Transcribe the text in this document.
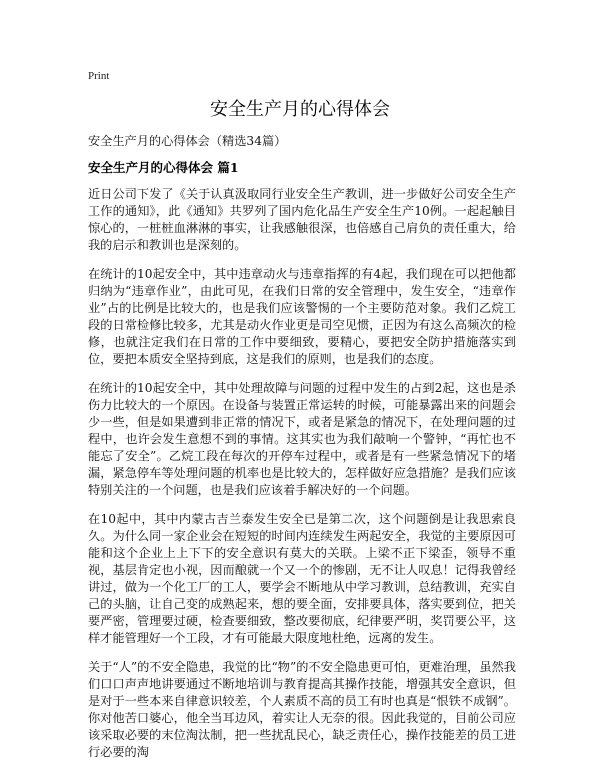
Print
安全生产月的心得体会
安全生产月的心得体会（精选34篇）
安全生产月的心得体会 篇1

近日公司下发了《关于认真汲取同行业安全生产教训，进一步做好公司安全生产工作的通知》，此《通知》共罗列了国内危化品生产安全生产10例。一起起触目惊心的，一桩桩血淋淋的事实，让我感触很深，也倍感自己肩负的责任重大，给我的启示和教训也是深刻的。

在统计的10起安全中，其中违章动火与违章指挥的有4起，我们现在可以把他都归纳为“违章作业”，由此可见，在我们日常的安全管理中，发生安全，“违章作业”占的比例是比较大的，也是我们应该警惕的一个主要防范对象。我们乙烷工段的日常检修比较多，尤其是动火作业更是司空见惯，正因为有这么高频次的检修，也就注定我们在日常的工作中要细致，要精心，要把安全防护措施落实到位，要把本质安全坚持到底，这是我们的原则，也是我们的态度。

在统计的10起安全中，其中处理故障与问题的过程中发生的占到2起，这也是杀伤力比较大的一个原因。在设备与装置正常运转的时候，可能暴露出来的问题会少一些，但是如果遭到非正常的情况下，或者是紧急的情况下，在处理问题的过程中，也许会发生意想不到的事情。这其实也为我们敲响一个警钟，“再忙也不能忘了安全”。乙烷工段在每次的开停车过程中，或者是有一些紧急情况下的堵漏，紧急停车等处理问题的机率也是比较大的，怎样做好应急措施？是我们应该特别关注的一个问题，也是我们应该着手解决好的一个问题。

在10起中，其中内蒙古吉兰泰发生安全已是第二次，这个问题倒是让我思索良久。为什么同一家企业会在短短的时间内连续发生两起安全，我觉的主要原因可能和这个企业上上下下的安全意识有莫大的关联。上梁不正下梁歪，领导不重视，基层肯定也小视，因而酿就一个又一个的惨剧，无不让人叹息！记得我曾经讲过，做为一个化工厂的工人，要学会不断地从中学习教训，总结教训，充实自己的头脑，让自己变的成熟起来，想的要全面，安排要具体，落实要到位，把关要严密，管理要过硬，检查要细致，整改要彻底，纪律要严明，奖罚要公平，这样才能管理好一个工段，才有可能最大限度地杜绝，远离的发生。

关于“人”的不安全隐患，我觉的比“物”的不安全隐患更可怕，更难治理，虽然我们口口声声地讲要通过不断地培训与教育提高其操作技能，增强其安全意识，但是对于一些本来自律意识较差，个人素质不高的员工有时也真是“恨铁不成钢”。你对他苦口婆心，他全当耳边风，着实让人无奈的很。因此我觉的，目前公司应该采取必要的末位淘汰制，把一些扰乱民心，缺乏责任心，操作技能差的员工进行必要的淘
